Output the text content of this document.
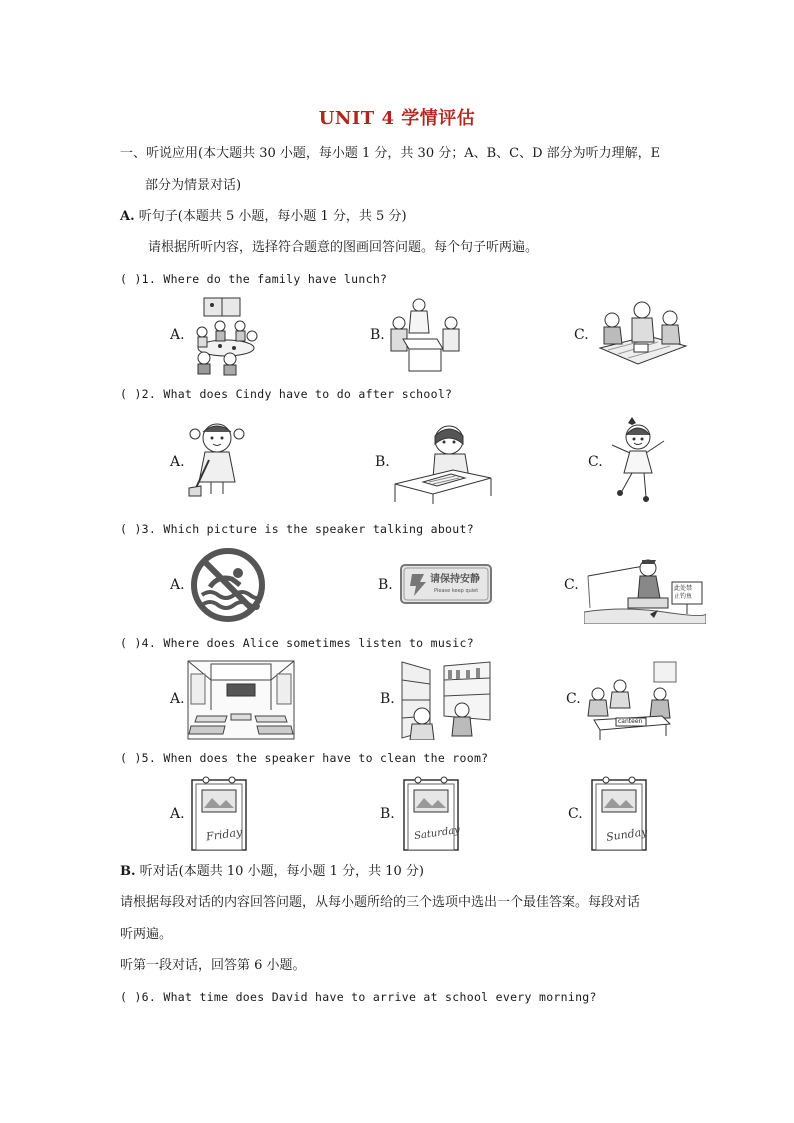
UNIT 4 学情评估
一、听说应用(本大题共 30 小题，每小题 1 分，共 30 分；A、B、C、D 部分为听力理解，E
部分为情景对话)
A. 听句子(本题共 5 小题，每小题 1 分，共 5 分)
请根据所听内容，选择符合题意的图画回答问题。每个句子听两遍。
( )1. Where do the family have lunch?
A.	B.	C.
( )2. What does Cindy have to do after school?
A.	B.	C.
( )3. Which picture is the speaker talking about?
A.	B.	C.
请保持安静
Please keep quiet	此处禁
止钓鱼
( )4. Where does Alice sometimes listen to music?
A.	B.	C.
canteen
( )5. When does the speaker have to clean the room?
A.	B.	C.
Friday	Saturday	Sunday
B. 听对话(本题共 10 小题，每小题 1 分，共 10 分)
请根据每段对话的内容回答问题，从每小题所给的三个选项中选出一个最佳答案。每段对话
听两遍。
听第一段对话，回答第 6 小题。
( )6. What time does David have to arrive at school every morning?
